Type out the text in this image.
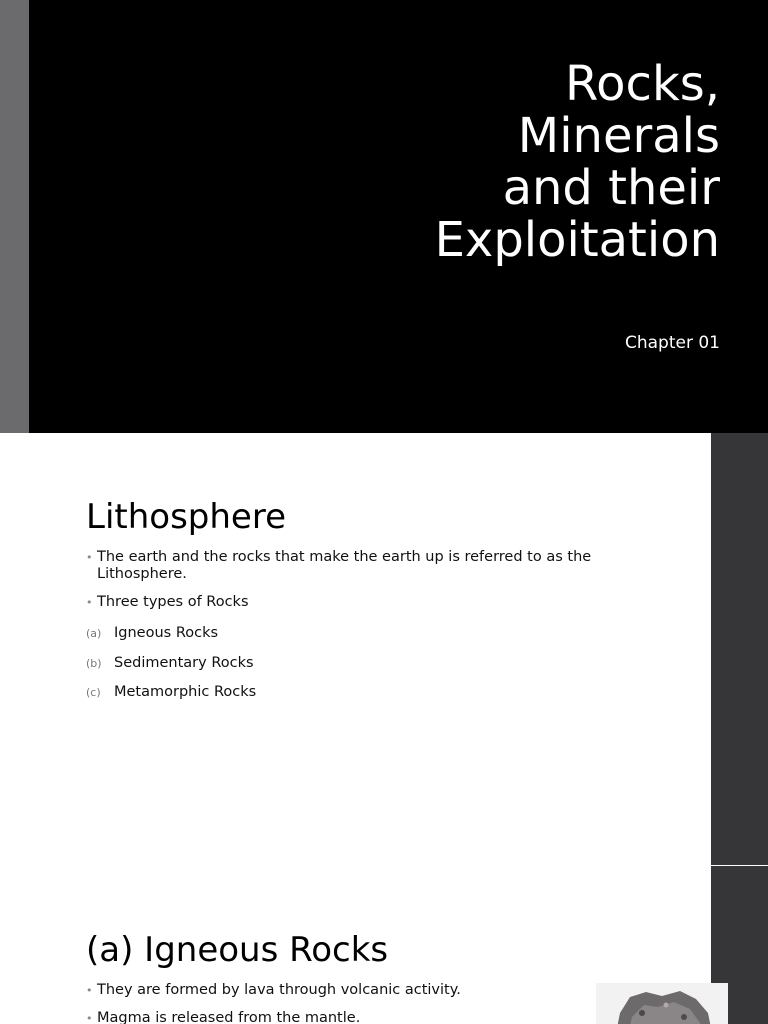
Rocks,
Minerals
and their
Exploitation

Chapter 01

Lithosphere
• The earth and the rocks that make the earth up is referred to as the Lithosphere.
• Three types of Rocks
(a) Igneous Rocks
(b) Sedimentary Rocks
(c) Metamorphic Rocks
(a) Igneous Rocks
• They are formed by lava through volcanic activity.
• Magma is released from the mantle.
